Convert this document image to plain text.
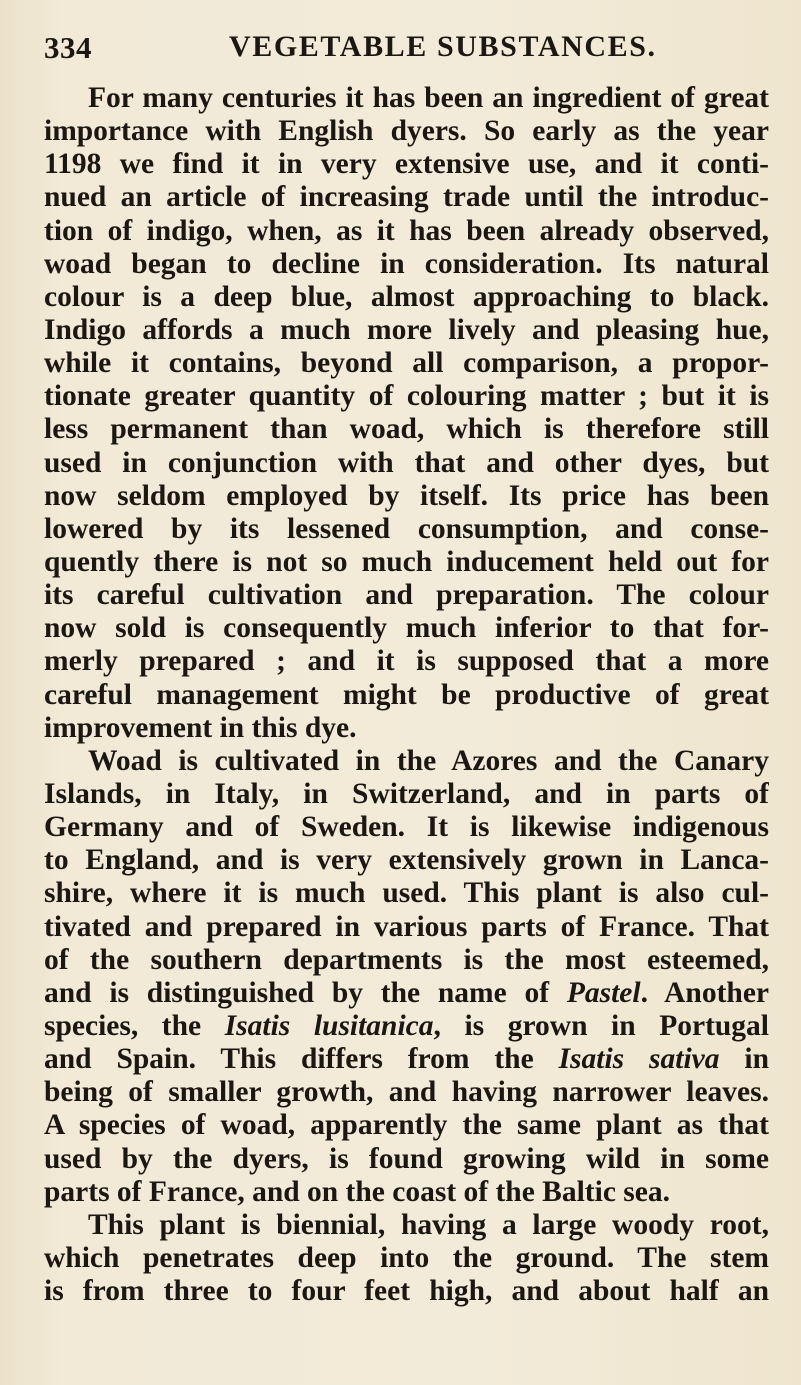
334	VEGETABLE SUBSTANCES.
For many centuries it has been an ingredient of great
importance with English dyers. So early as the year
1198 we find it in very extensive use, and it conti-
nued an article of increasing trade until the introduc-
tion of indigo, when, as it has been already observed,
woad began to decline in consideration. Its natural
colour is a deep blue, almost approaching to black.
Indigo affords a much more lively and pleasing hue,
while it contains, beyond all comparison, a propor-
tionate greater quantity of colouring matter ; but it is
less permanent than woad, which is therefore still
used in conjunction with that and other dyes, but
now seldom employed by itself. Its price has been
lowered by its lessened consumption, and conse-
quently there is not so much inducement held out for
its careful cultivation and preparation. The colour
now sold is consequently much inferior to that for-
merly prepared ; and it is supposed that a more
careful management might be productive of great
improvement in this dye.
Woad is cultivated in the Azores and the Canary
Islands, in Italy, in Switzerland, and in parts of
Germany and of Sweden. It is likewise indigenous
to England, and is very extensively grown in Lanca-
shire, where it is much used. This plant is also cul-
tivated and prepared in various parts of France. That
of the southern departments is the most esteemed,
and is distinguished by the name of Pastel. Another
species, the Isatis lusitanica, is grown in Portugal
and Spain. This differs from the Isatis sativa in
being of smaller growth, and having narrower leaves.
A species of woad, apparently the same plant as that
used by the dyers, is found growing wild in some
parts of France, and on the coast of the Baltic sea.
This plant is biennial, having a large woody root,
which penetrates deep into the ground. The stem
is from three to four feet high, and about half an
